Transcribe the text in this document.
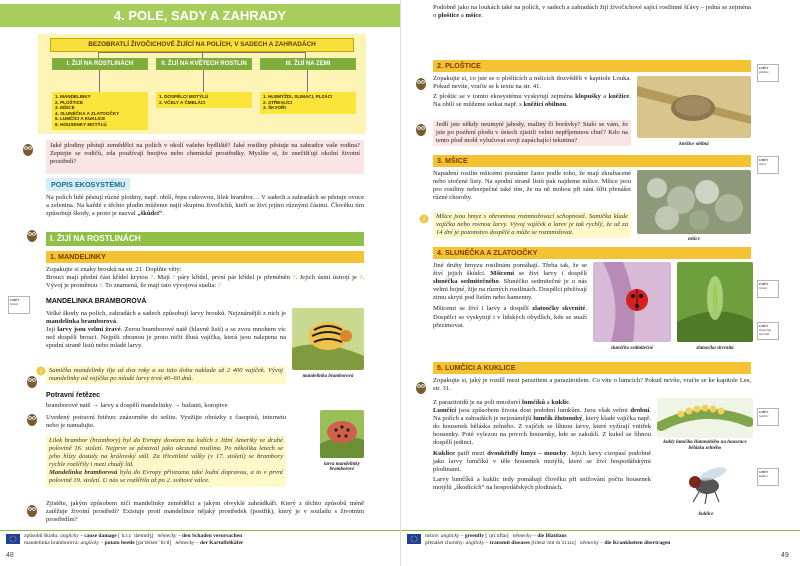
4. POLE, SADY A ZAHRADY
BEZOBRATLÍ ŽIVOČICHOVÉ ŽIJÍCÍ NA POLÍCH, V SADECH A ZAHRADÁCH
I. ŽIJÍ NA ROSTLINÁCH	II. ŽIJÍ NA KVĚTECH ROSTLIN	III. ŽIJÍ NA ZEMI
1. MANDELINKY
2. PLOŠTICE
3. MŠICE
4. SLUNÉČKA A ZLATOOČKY
5. LUMČÍCI A KUKLICE
6. HOUSENKY MOTÝLŮ
1. DOSPĚLCI MOTÝLŮ
2. VČELY A ČMELÁCI
1. HLEMÝŽDI, SLIMÁCI, PLZÁCI
2. STŘEVLÍCI
3. ŠKVOŘI
i
Jaké plodiny pěstují zemědělci na polích v okolí vašeho bydliště? Jaké rostliny pěstuje na zahradce vaše rodina? Zeptejte se rodičů, zda používají hnojiva nebo chemické prostředky. Myslíte si, že znečišťují okolní životní prostředí?
POPIS EKOSYSTÉMU
Na polích lidé pěstují různé plodiny, např. obilí, řepu cukrovou, lilek brambor… V sadech a zahradách se pěstuje ovoce a zelenina. Na každé z těchto plodin můžeme najít skupinu živočichů, kteří se živí jejími různými částmi. Člověku tím způsobují škody, a proto je nazval „škůdci“.
I. ŽIJÍ NA ROSTLINÁCH
1. MANDELINKY
Zopakujte si znaky brouků na str. 21. Doplňte věty:
Brouci mají přední část křídel krytou ?. Mají ? páry křídel, první pár křídel je přeměněn ?. Jejich ústní ústrojí je ?. Vývoj je proměnou ?. To znamená, že mají tato vývojová stadia: ?
UMĚT
brouci	MANDELINKA BRAMBOROVÁ
Velké škody na polích, zahradách a sadech způsobují larvy brouků. Nejznámější z nich je mandelinka bramborová.
Její larvy jsou velmi žravé. Zerou bramborové natě (hlavně listí) a se zvou mnohem víc než dospělí brouci. Nejpíši obranou je proto ničit žlutá vajíčka, která jsou nalepena na spodní straně listů nebo mladé larvy.
mandelinka bramborová
Samička mandelinky tlje až dva roky a za tuto dobu naklade až 2 400 vajíček. Vývoj mandelinky od vajíčka po mladé larvy trvá 40–60 dnů.
Potravní řetězec
bramborové natě → larvy a dospělí mandelinky → bažanti, koroptve
Uvedený potravní řetězec znázorněte do sešitu. Využijte obrázky z časopisů, internetu nebo je namalujte.
Lilek brambor (brambory) byl do Evropy dovezen na lodích z Jižní Ameriky ve druhé polovině 16. století. Nejprve se pěstoval jako okrasná rostlina. Po několika letech se jeho hlízy dostaly na královský stůl. Za třicetileté války (v 17. století) se brambory rychle rozšířily i mezi chudý lid.
Mandelinka bramborová byla do Evropy přivezena také lodní dopravou, a to v první polovině 19. století. U nás se rozšířila až po 2. světové válce.
larva mandelinky bramborové
Zjistěte, jakým způsobem ničí mandelinky zemědělci a jakým obvyklé zahrádkáři. Který z těchto způsobů méně zatěžuje životní prostředí? Existuje proti mandelince nějaký prostředek (postřik), který je v souladu s životním prostředím?
způsobit škodu: anglicky – cause damage [ˈkɔːz ˈdæmɪdʒ] německy – den Schaden verursachen
mandelinka bramborová: anglicky – potato beetle [pəˈteɪtəʊ ˈbiːtl] německy – der Kartoffelkäfer
48
Podobně jako na loukách také na polích, v sadech a zahradách žijí živočichové sající rostlinné šťávy – jedná se zejména o plošticе a mšice.
UMĚT
ploštice
UMĚT
mšice
UMĚT
brouci
UMĚT
zlatoočka skvrnitá
UMĚT
lumčíci
UMĚT
kuklice
i
2. PLOŠTICE
Zopakujte si, co jste se o ploštících a mšicích dozvěděli v kapitole Louka. Pokud nevíte, vraťte se k textu na str. 41.
Z ploštic se v tomto ekosystému vyskytují zejména klopušky a kněžice. Na obilí se můžeme setkat např. s kněžicí obilnou.
Jedlí jste někdy neumyté jahody, maliny či borůvky? Stalo se vám, že jste po pozření plodu v ústech zjistili velmi nepříjemnou chuť? Kdo na tento plod mohl vylučovat svoji zapáchající tekutinu?
kněžice obilná
3. MŠICE
Napadení rostlin mšicemi poznáme často podle toho, že mají zkrabacené nebo stočené listy. Na spodní straně listů pak najdeme mšice. Mšice jsou pro rostliny nebezpečné také tím, že na ně mohou při sání šířit přenášet různé choroby.
Mšice jsou hmyz s ohromnou rozmnožovací schopností. Samička klade vajíčka nebo rovnou larvy. Vývoj vajíček a larev je tak rychlý, že už za 14 dní je potomstvo dospělé a může se rozmnožovat.
mšice
4. SLUNÉČKA A ZLATOOČKY
Jiné druhy hmyzu rostlinám pomáhají. Třeba tak, že se živí jejich škůdci. Mšicemi se živí larvy i dospělí slunéčka sedmitečného. Slunéčko sedmitečné je u nás velmi hojné, žije na různých rostlinách. Dospělci přežívají zimu skrytí pod listím nebo kamenny.
Mšicemi se živí i larvy a dospělí zlatoočky skvrnité. Dospělci se vyskytují i v lidských obydlích, kde se snaží přezimovat.
slunéčko sedmitečné	zlatoočka skvrnitá
5. LUMČÍCI A KUKLICE
Zopakujte si, jaký je rozdíl mezi parazitem a parazitoidem. Co víte o lumcích? Pokud nevíte, vraťte se ke kapitole Les, str. 31.
Z parazitoidů je na poli množství lumčíků a kuklic.
Lumčíci jsou způsobem života dost podobní lumkům. Jsou však velmi drobní. Na polích a zahradách je nejznámější lumčík žlutonohý, který klade vajíčka např. do housenek běláska zelného. Z vajíček se líhnou larvy, které vyžírají vnitřek housenky. Poté vylezou na povrch housenky, kde se zakuklí. Z kukel se líhnou dospělí jedinci.
Kuklice patří mezi dvoukřídlý hmyz – mouchy. Jejich larvy cizopasí podobně jako larvy lumčíků v těle housenek motýlů, které se živí hospodářskými plodinami.
Larvy lumčíků a kuklic tedy pomáhají člověku při snižování počtu housenek motýlů „škodících“ na hospodářských plodinách.
kukly lumčíka žlutonohého na housence běláska zelného
kuklice
mšice: anglicky – greenfly [ˈɡriːnflaɪ] německy – die Blattlaus
přenášet choroby: anglicky – transmit diseases [trænzˈmɪt dɪˈziːzɪz] německy – die Krankheiten übertragen
49
